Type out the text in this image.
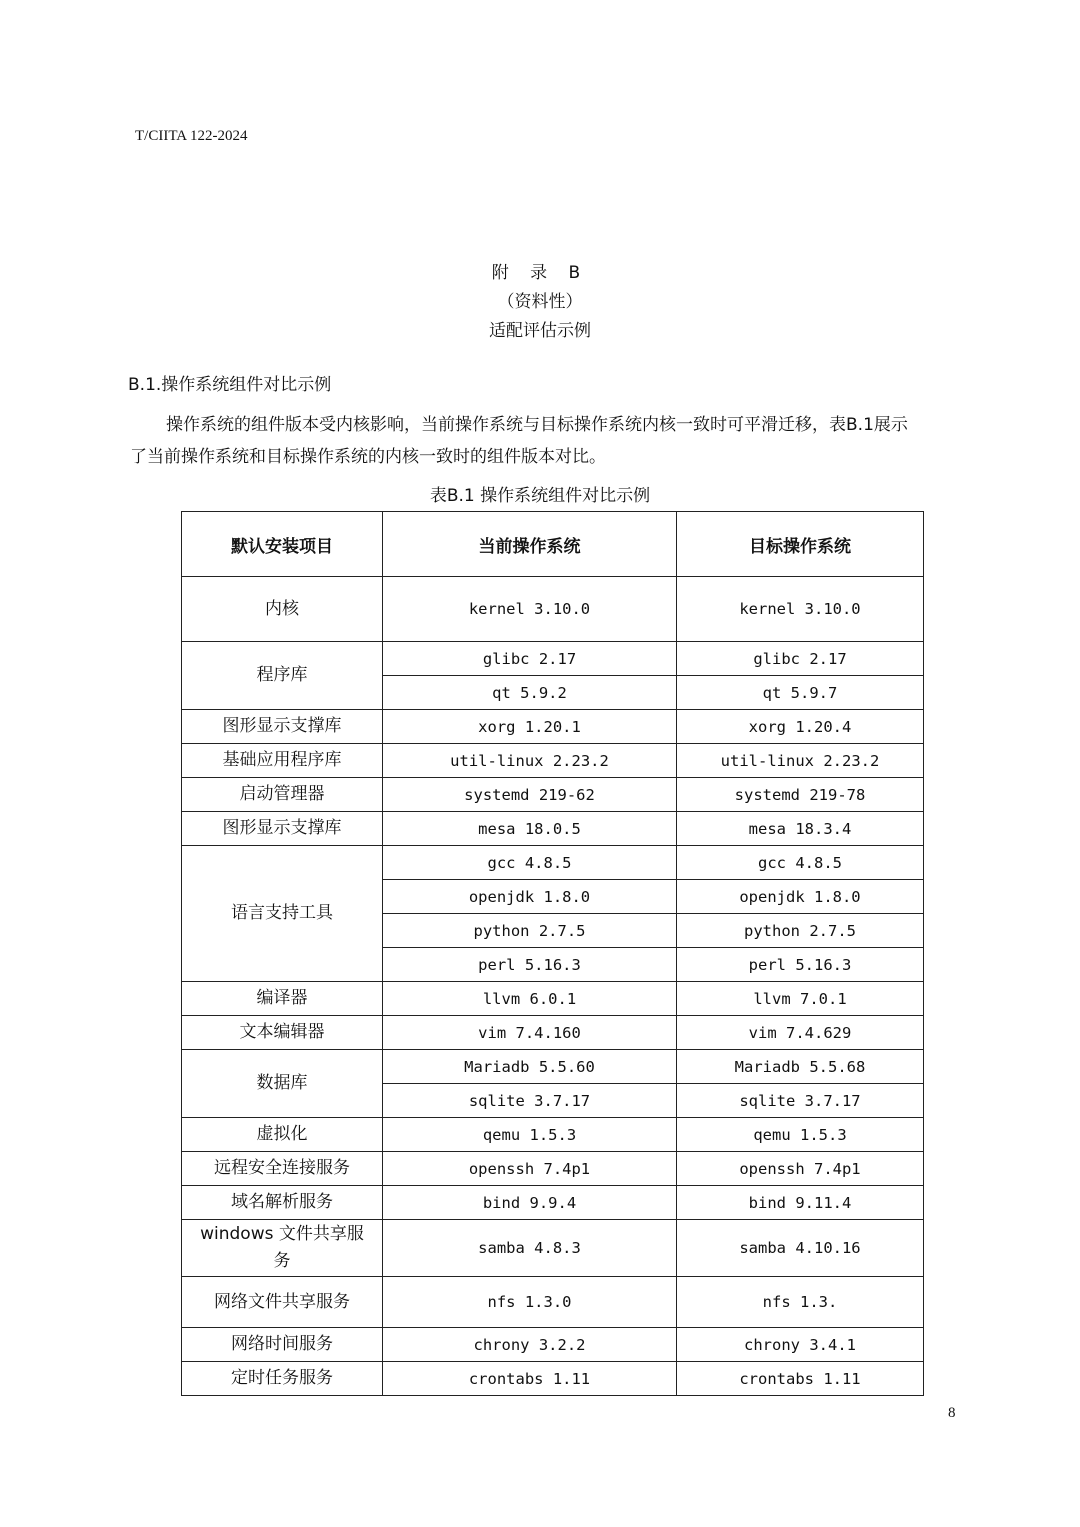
T/CIITA 122-2024
附 录 B
（资料性）
适配评估示例
B.1.操作系统组件对比示例
操作系统的组件版本受内核影响，当前操作系统与目标操作系统内核一致时可平滑迁移，表B.1展示
了当前操作系统和目标操作系统的内核一致时的组件版本对比。
表B.1 操作系统组件对比示例
默认安装项目	当前操作系统	目标操作系统
内核	kernel 3.10.0	kernel 3.10.0
程序库	glibc 2.17	glibc 2.17
	qt 5.9.2	qt 5.9.7
图形显示支撑库	xorg 1.20.1	xorg 1.20.4
基础应用程序库	util-linux 2.23.2	util-linux 2.23.2
启动管理器	systemd 219-62	systemd 219-78
图形显示支撑库	mesa 18.0.5	mesa 18.3.4
语言支持工具	gcc 4.8.5	gcc 4.8.5
	openjdk 1.8.0	openjdk 1.8.0
	python 2.7.5	python 2.7.5
	perl 5.16.3	perl 5.16.3
编译器	llvm 6.0.1	llvm 7.0.1
文本编辑器	vim 7.4.160	vim 7.4.629
数据库	Mariadb 5.5.60	Mariadb 5.5.68
	sqlite 3.7.17	sqlite 3.7.17
虚拟化	qemu 1.5.3	qemu 1.5.3
远程安全连接服务	openssh 7.4p1	openssh 7.4p1
域名解析服务	bind 9.9.4	bind 9.11.4
windows 文件共享服务	samba 4.8.3	samba 4.10.16
网络文件共享服务	nfs 1.3.0	nfs 1.3.
网络时间服务	chrony 3.2.2	chrony 3.4.1
定时任务服务	crontabs 1.11	crontabs 1.11
8
